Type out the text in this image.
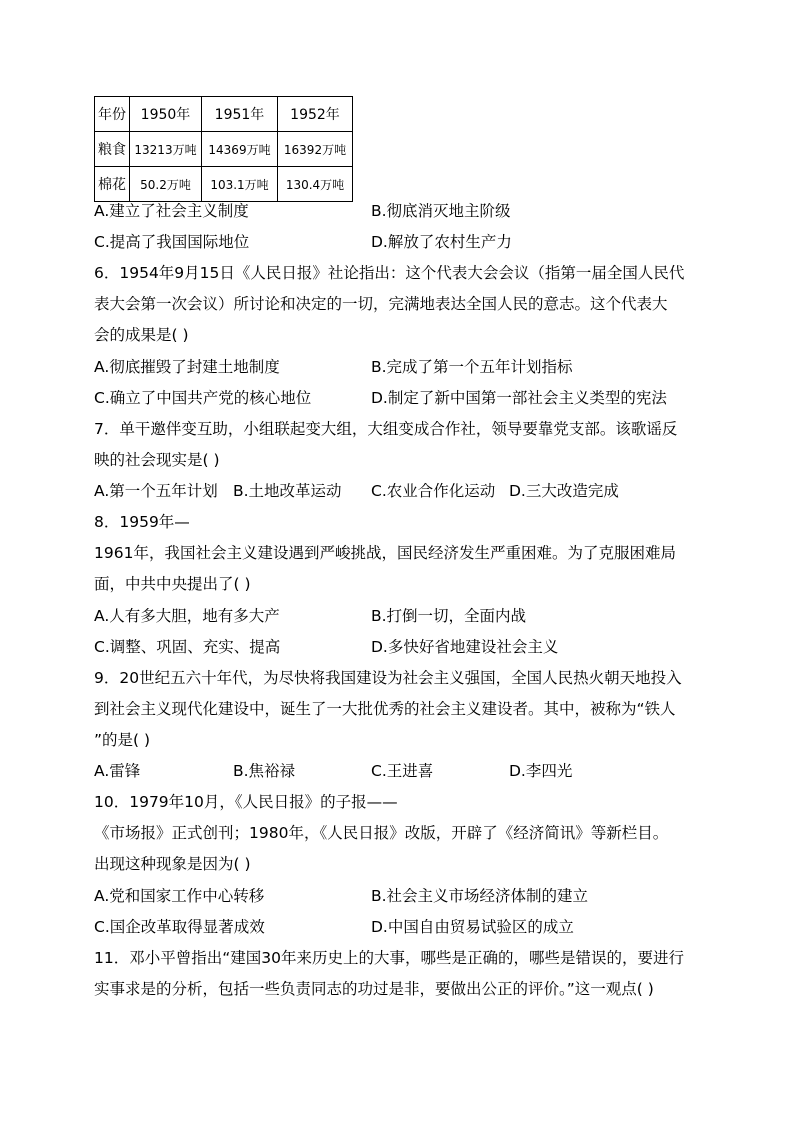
年份	1950年	1951年	1952年
粮食	13213万吨	14369万吨	16392万吨
棉花	50.2万吨	103.1万吨	130.4万吨
A.建立了社会主义制度	B.彻底消灭地主阶级
C.提高了我国国际地位	D.解放了农村生产力
6．1954年9月15日《人民日报》社论指出：这个代表大会会议（指第一届全国人民代
表大会第一次会议）所讨论和决定的一切，完满地表达全国人民的意志。这个代表大
会的成果是( )
A.彻底摧毁了封建土地制度	B.完成了第一个五年计划指标
C.确立了中国共产党的核心地位	D.制定了新中国第一部社会主义类型的宪法
7．单干邀伴变互助，小组联起变大组，大组变成合作社，领导要靠党支部。该歌谣反
映的社会现实是( )
A.第一个五年计划 B.土地改革运动 C.农业合作化运动 D.三大改造完成
8．1959年—
1961年，我国社会主义建设遇到严峻挑战，国民经济发生严重困难。为了克服困难局
面，中共中央提出了( )
A.人有多大胆，地有多大产	B.打倒一切，全面内战
C.调整、巩固、充实、提高	D.多快好省地建设社会主义
9．20世纪五六十年代，为尽快将我国建设为社会主义强国，全国人民热火朝天地投入
到社会主义现代化建设中，诞生了一大批优秀的社会主义建设者。其中，被称为“铁人
”的是( )
A.雷锋	B.焦裕禄	C.王进喜	D.李四光
10．1979年10月，《人民日报》的子报——
《市场报》正式创刊；1980年，《人民日报》改版，开辟了《经济简讯》等新栏目。
出现这种现象是因为( )
A.党和国家工作中心转移	B.社会主义市场经济体制的建立
C.国企改革取得显著成效	D.中国自由贸易试验区的成立
11．邓小平曾指出“建国30年来历史上的大事，哪些是正确的，哪些是错误的，要进行
实事求是的分析，包括一些负责同志的功过是非，要做出公正的评价。”这一观点( )
